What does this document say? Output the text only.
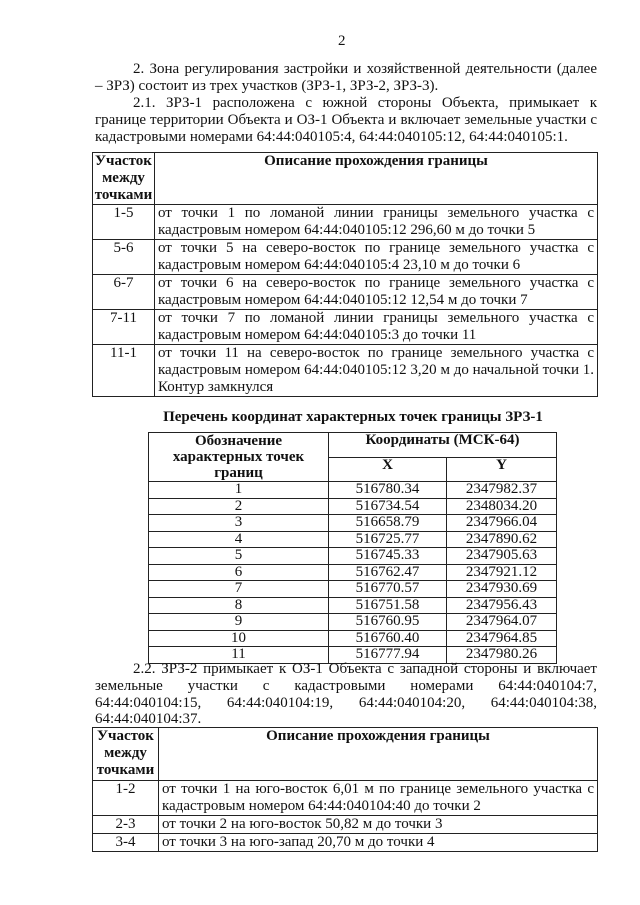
2
2. Зона регулирования застройки и хозяйственной деятельности (далее – ЗРЗ) состоит из трех участков (ЗРЗ-1, ЗРЗ-2, ЗРЗ-3).
2.1. ЗРЗ-1 расположена с южной стороны Объекта, примыкает к границе территории Объекта и ОЗ-1 Объекта и включает земельные участки с кадастровыми номерами 64:44:040105:4, 64:44:040105:12, 64:44:040105:1.
Участок между точками	Описание прохождения границы
1-5	от точки 1 по ломаной линии границы земельного участка с кадастровым номером 64:44:040105:12 296,60 м до точки 5
5-6	от точки 5 на северо-восток по границе земельного участка с кадастровым номером 64:44:040105:4 23,10 м до точки 6
6-7	от точки 6 на северо-восток по границе земельного участка с кадастровым номером 64:44:040105:12 12,54 м до точки 7
7-11	от точки 7 по ломаной линии границы земельного участка с кадастровым номером 64:44:040105:3 до точки 11
11-1	от точки 11 на северо-восток по границе земельного участка с кадастровым номером 64:44:040105:12 3,20 м до начальной точки 1. Контур замкнулся
Перечень координат характерных точек границы ЗРЗ-1
Обозначение характерных точек границ	Координаты (МСК-64)	
	X	Y
1	516780.34	2347982.37
2	516734.54	2348034.20
3	516658.79	2347966.04
4	516725.77	2347890.62
5	516745.33	2347905.63
6	516762.47	2347921.12
7	516770.57	2347930.69
8	516751.58	2347956.43
9	516760.95	2347964.07
10	516760.40	2347964.85
11	516777.94	2347980.26
2.2. ЗРЗ-2 примыкает к ОЗ-1 Объекта с западной стороны и включает земельные участки с кадастровыми номерами 64:44:040104:7, 64:44:040104:15, 64:44:040104:19, 64:44:040104:20, 64:44:040104:38, 64:44:040104:37.
Участок между точками	Описание прохождения границы
1-2	от точки 1 на юго-восток 6,01 м по границе земельного участка с кадастровым номером 64:44:040104:40 до точки 2
2-3	от точки 2 на юго-восток 50,82 м до точки 3
3-4	от точки 3 на юго-запад 20,70 м до точки 4
